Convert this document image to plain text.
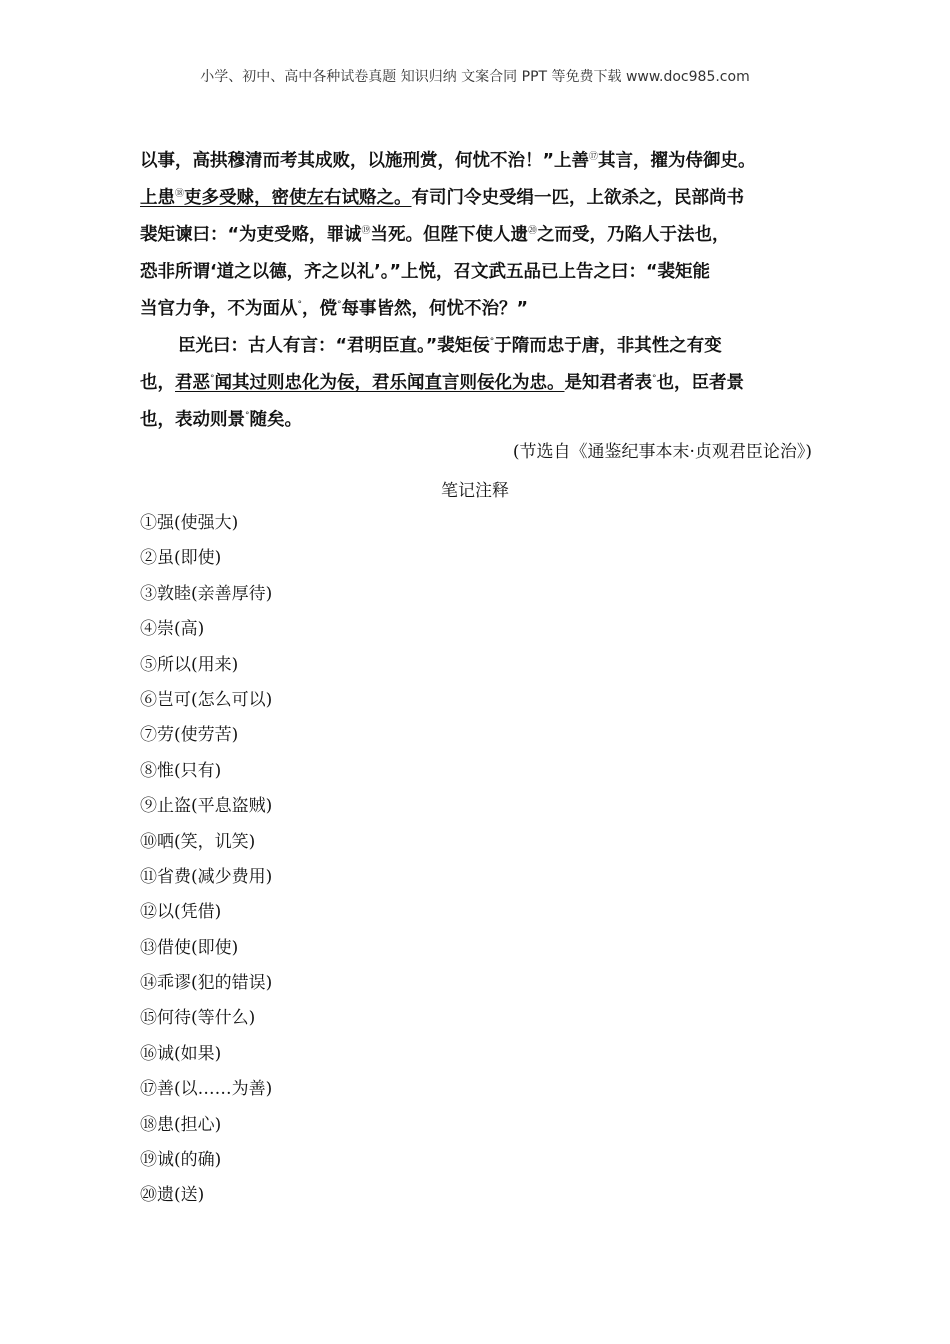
小学、初中、高中各种试卷真题 知识归纳 文案合同 PPT 等免费下载 www.doc985.com
以事，高拱穆清而考其成败，以施刑赏，何忧不治！”上善⑰其言，擢为侍御史。
上患⑱吏多受赇，密使左右试赂之。有司门令史受绢一匹，上欲杀之，民部尚书
裴矩谏曰：“为吏受赂，罪诚⑲当死。但陛下使人遗⑳之而受，乃陷人于法也，
恐非所谓‘道之以德，齐之以礼’。”上悦，召文武五品已上告之曰：“裴矩能
当官力争，不为面从°，傥°每事皆然，何忧不治？”
臣光曰：古人有言：“君明臣直。”裴矩佞°于隋而忠于唐，非其性之有变
也，君恶°闻其过则忠化为佞，君乐闻直言则佞化为忠。是知君者表°也，臣者景
也，表动则景°随矣。
(节选自《通鉴纪事本末·贞观君臣论治》)
笔记注释
①强(使强大)
②虽(即使)
③敦睦(亲善厚待)
④崇(高)
⑤所以(用来)
⑥岂可(怎么可以)
⑦劳(使劳苦)
⑧惟(只有)
⑨止盗(平息盗贼)
⑩哂(笑，讥笑)
⑪省费(减少费用)
⑫以(凭借)
⑬借使(即使)
⑭乖谬(犯的错误)
⑮何待(等什么)
⑯诚(如果)
⑰善(以……为善)
⑱患(担心)
⑲诚(的确)
⑳遗(送)
